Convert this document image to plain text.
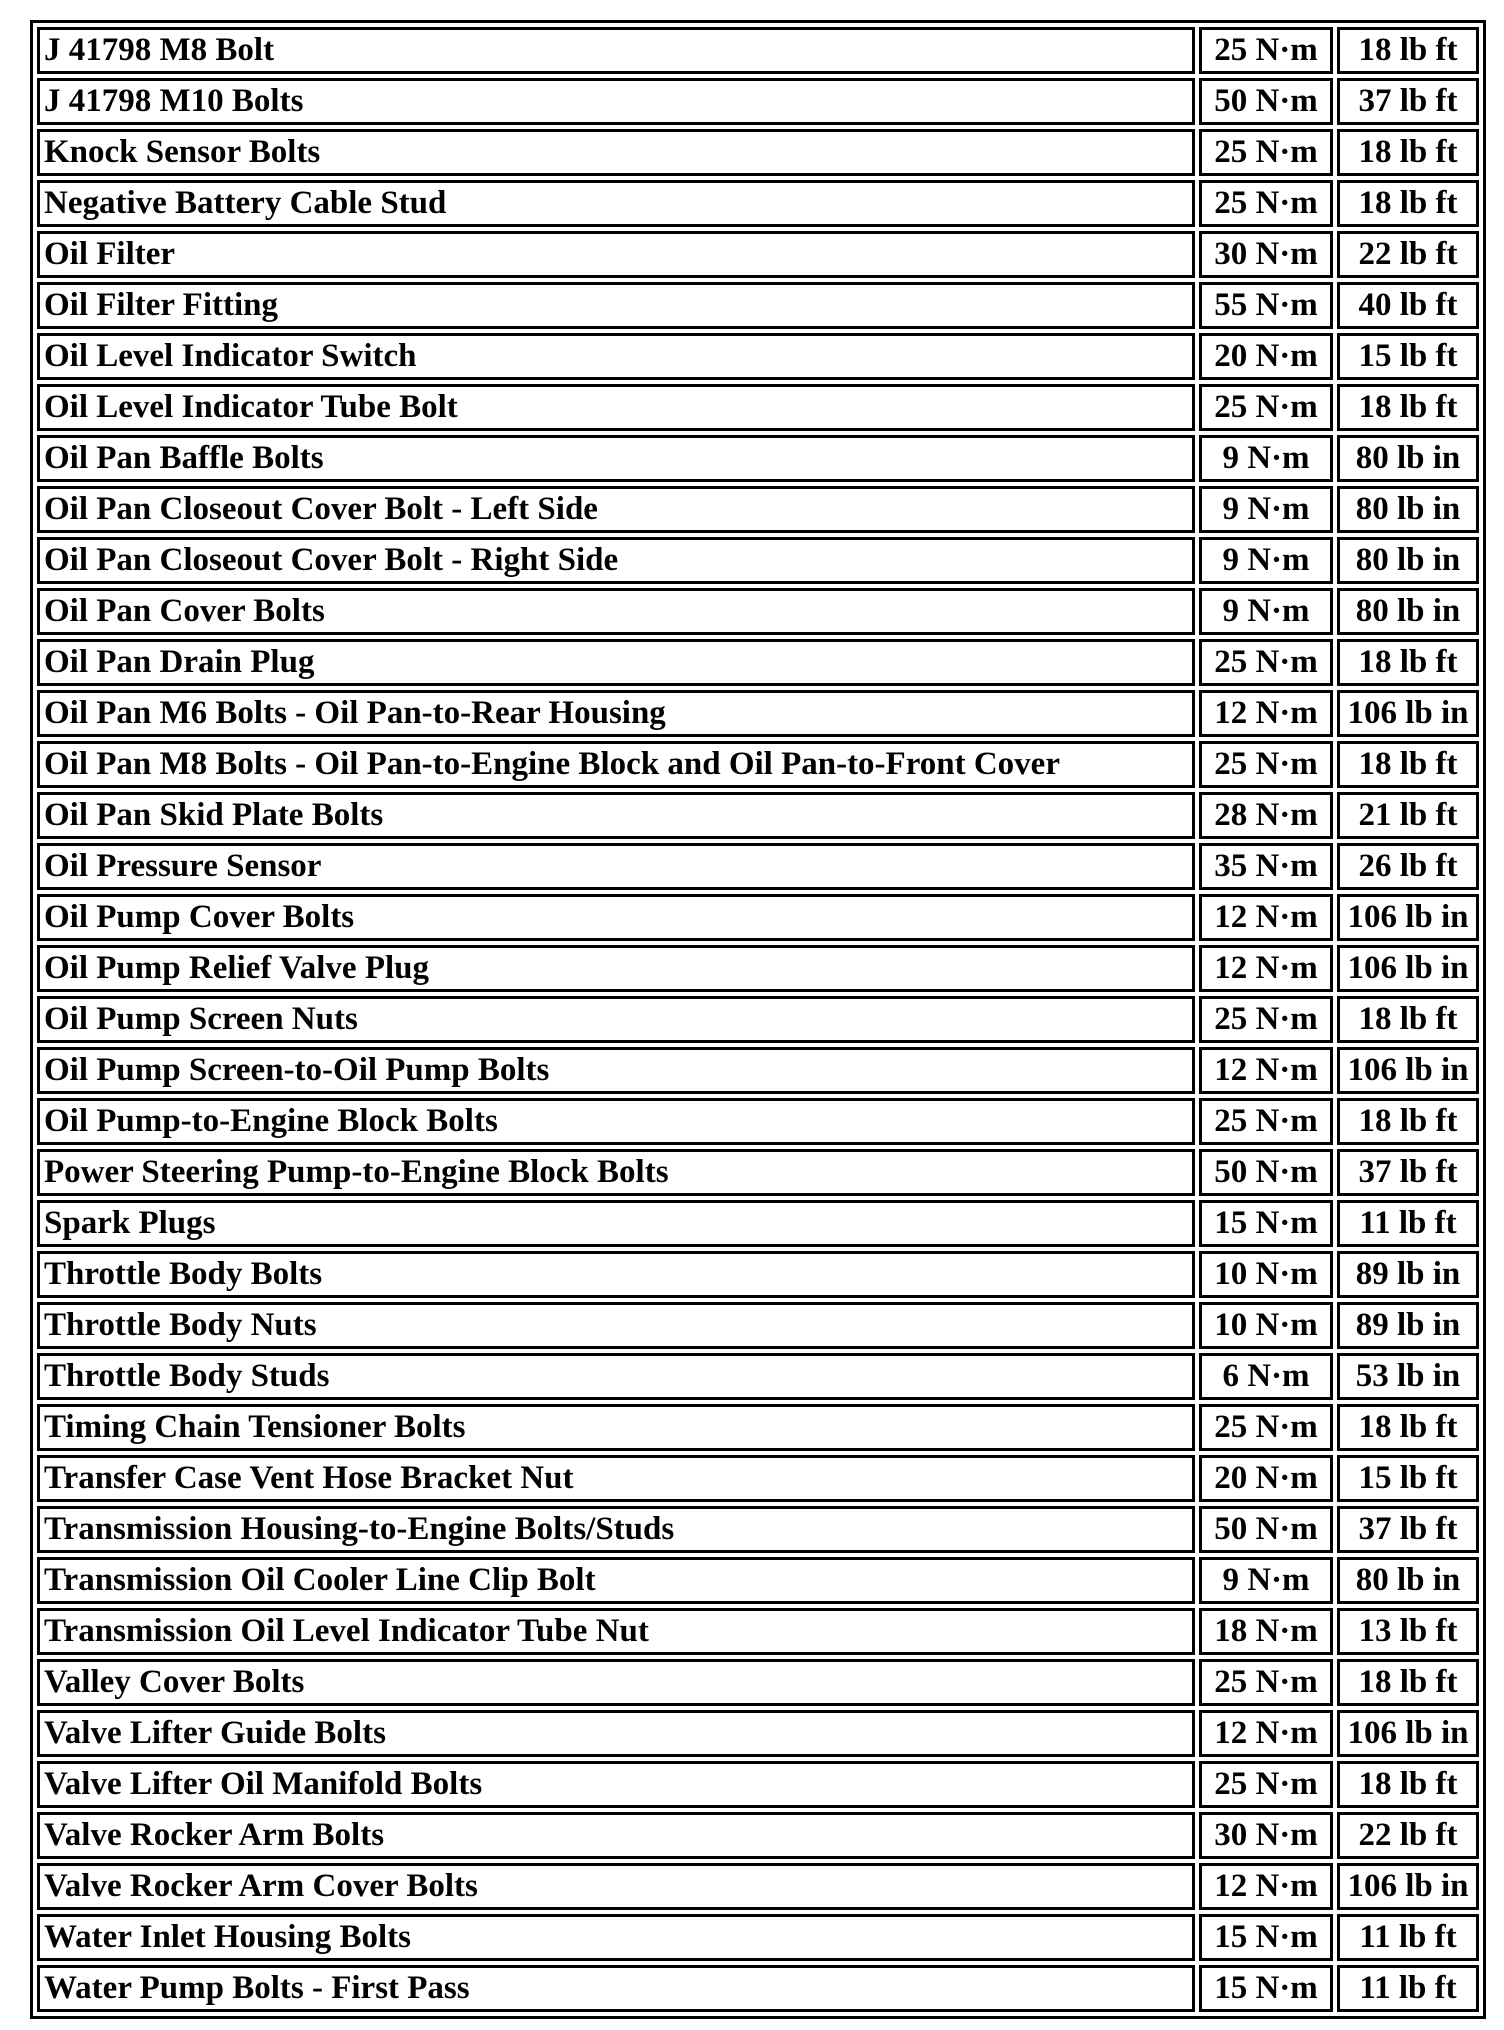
J 41798 M8 Bolt	25 N·m	18 lb ft
J 41798 M10 Bolts	50 N·m	37 lb ft
Knock Sensor Bolts	25 N·m	18 lb ft
Negative Battery Cable Stud	25 N·m	18 lb ft
Oil Filter	30 N·m	22 lb ft
Oil Filter Fitting	55 N·m	40 lb ft
Oil Level Indicator Switch	20 N·m	15 lb ft
Oil Level Indicator Tube Bolt	25 N·m	18 lb ft
Oil Pan Baffle Bolts	9 N·m	80 lb in
Oil Pan Closeout Cover Bolt - Left Side	9 N·m	80 lb in
Oil Pan Closeout Cover Bolt - Right Side	9 N·m	80 lb in
Oil Pan Cover Bolts	9 N·m	80 lb in
Oil Pan Drain Plug	25 N·m	18 lb ft
Oil Pan M6 Bolts - Oil Pan-to-Rear Housing	12 N·m	106 lb in
Oil Pan M8 Bolts - Oil Pan-to-Engine Block and Oil Pan-to-Front Cover	25 N·m	18 lb ft
Oil Pan Skid Plate Bolts	28 N·m	21 lb ft
Oil Pressure Sensor	35 N·m	26 lb ft
Oil Pump Cover Bolts	12 N·m	106 lb in
Oil Pump Relief Valve Plug	12 N·m	106 lb in
Oil Pump Screen Nuts	25 N·m	18 lb ft
Oil Pump Screen-to-Oil Pump Bolts	12 N·m	106 lb in
Oil Pump-to-Engine Block Bolts	25 N·m	18 lb ft
Power Steering Pump-to-Engine Block Bolts	50 N·m	37 lb ft
Spark Plugs	15 N·m	11 lb ft
Throttle Body Bolts	10 N·m	89 lb in
Throttle Body Nuts	10 N·m	89 lb in
Throttle Body Studs	6 N·m	53 lb in
Timing Chain Tensioner Bolts	25 N·m	18 lb ft
Transfer Case Vent Hose Bracket Nut	20 N·m	15 lb ft
Transmission Housing-to-Engine Bolts/Studs	50 N·m	37 lb ft
Transmission Oil Cooler Line Clip Bolt	9 N·m	80 lb in
Transmission Oil Level Indicator Tube Nut	18 N·m	13 lb ft
Valley Cover Bolts	25 N·m	18 lb ft
Valve Lifter Guide Bolts	12 N·m	106 lb in
Valve Lifter Oil Manifold Bolts	25 N·m	18 lb ft
Valve Rocker Arm Bolts	30 N·m	22 lb ft
Valve Rocker Arm Cover Bolts	12 N·m	106 lb in
Water Inlet Housing Bolts	15 N·m	11 lb ft
Water Pump Bolts - First Pass	15 N·m	11 lb ft
